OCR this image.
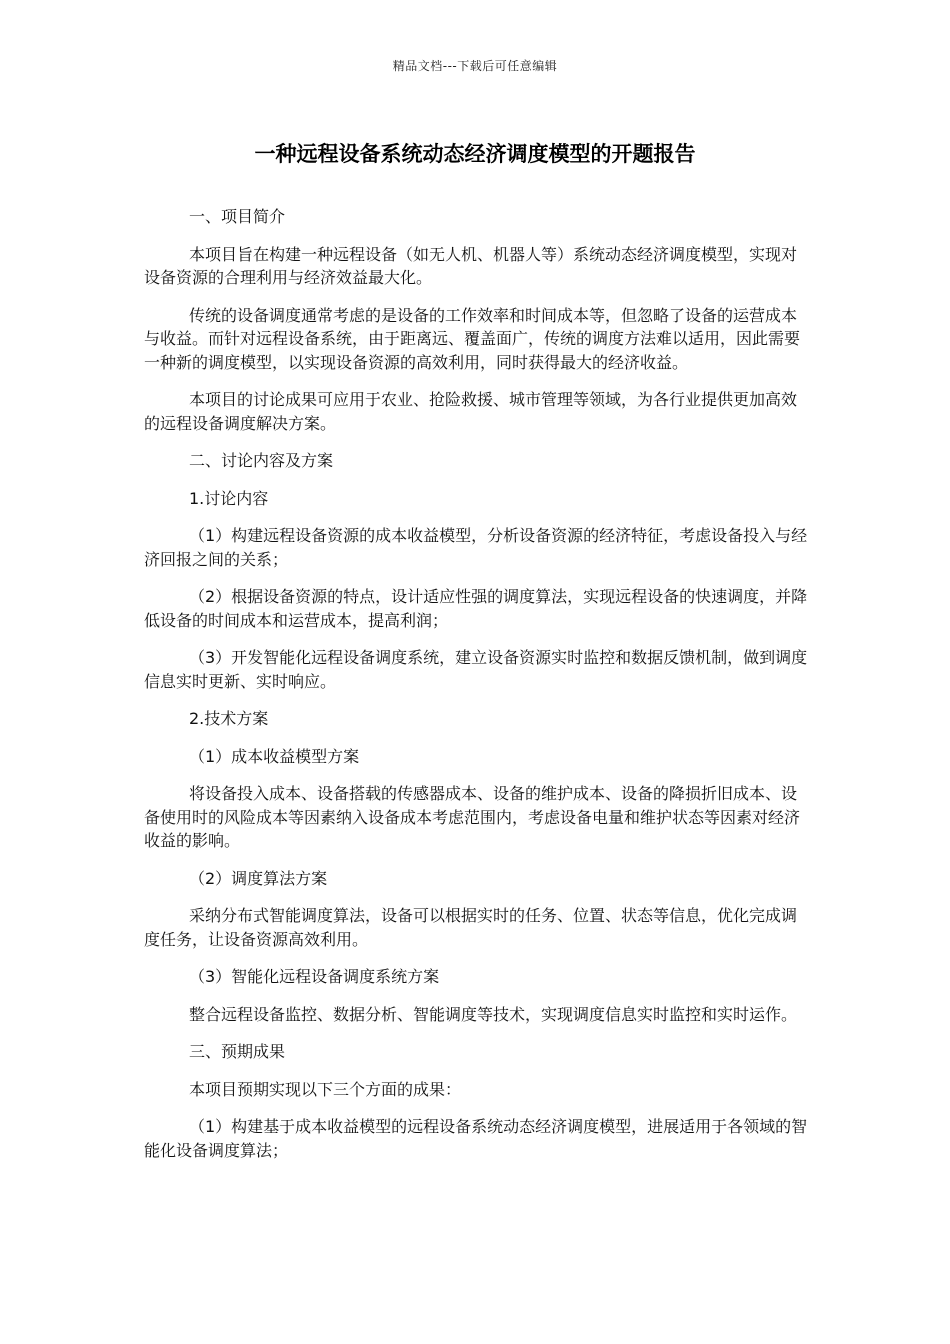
精品文档---下载后可任意编辑
一种远程设备系统动态经济调度模型的开题报告

一、项目简介

本项目旨在构建一种远程设备（如无人机、机器人等）系统动态经济调度模型，实现对设备资源的合理利用与经济效益最大化。

传统的设备调度通常考虑的是设备的工作效率和时间成本等，但忽略了设备的运营成本与收益。而针对远程设备系统，由于距离远、覆盖面广，传统的调度方法难以适用，因此需要一种新的调度模型，以实现设备资源的高效利用，同时获得最大的经济收益。

本项目的讨论成果可应用于农业、抢险救援、城市管理等领域，为各行业提供更加高效的远程设备调度解决方案。

二、讨论内容及方案

1.讨论内容

（1）构建远程设备资源的成本收益模型，分析设备资源的经济特征，考虑设备投入与经济回报之间的关系；

（2）根据设备资源的特点，设计适应性强的调度算法，实现远程设备的快速调度，并降低设备的时间成本和运营成本，提高利润；

（3）开发智能化远程设备调度系统，建立设备资源实时监控和数据反馈机制，做到调度信息实时更新、实时响应。

2.技术方案

（1）成本收益模型方案

将设备投入成本、设备搭载的传感器成本、设备的维护成本、设备的降损折旧成本、设备使用时的风险成本等因素纳入设备成本考虑范围内，考虑设备电量和维护状态等因素对经济收益的影响。

（2）调度算法方案

采纳分布式智能调度算法，设备可以根据实时的任务、位置、状态等信息，优化完成调度任务，让设备资源高效利用。

（3）智能化远程设备调度系统方案

整合远程设备监控、数据分析、智能调度等技术，实现调度信息实时监控和实时运作。

三、预期成果

本项目预期实现以下三个方面的成果：

（1）构建基于成本收益模型的远程设备系统动态经济调度模型，进展适用于各领域的智能化设备调度算法；
